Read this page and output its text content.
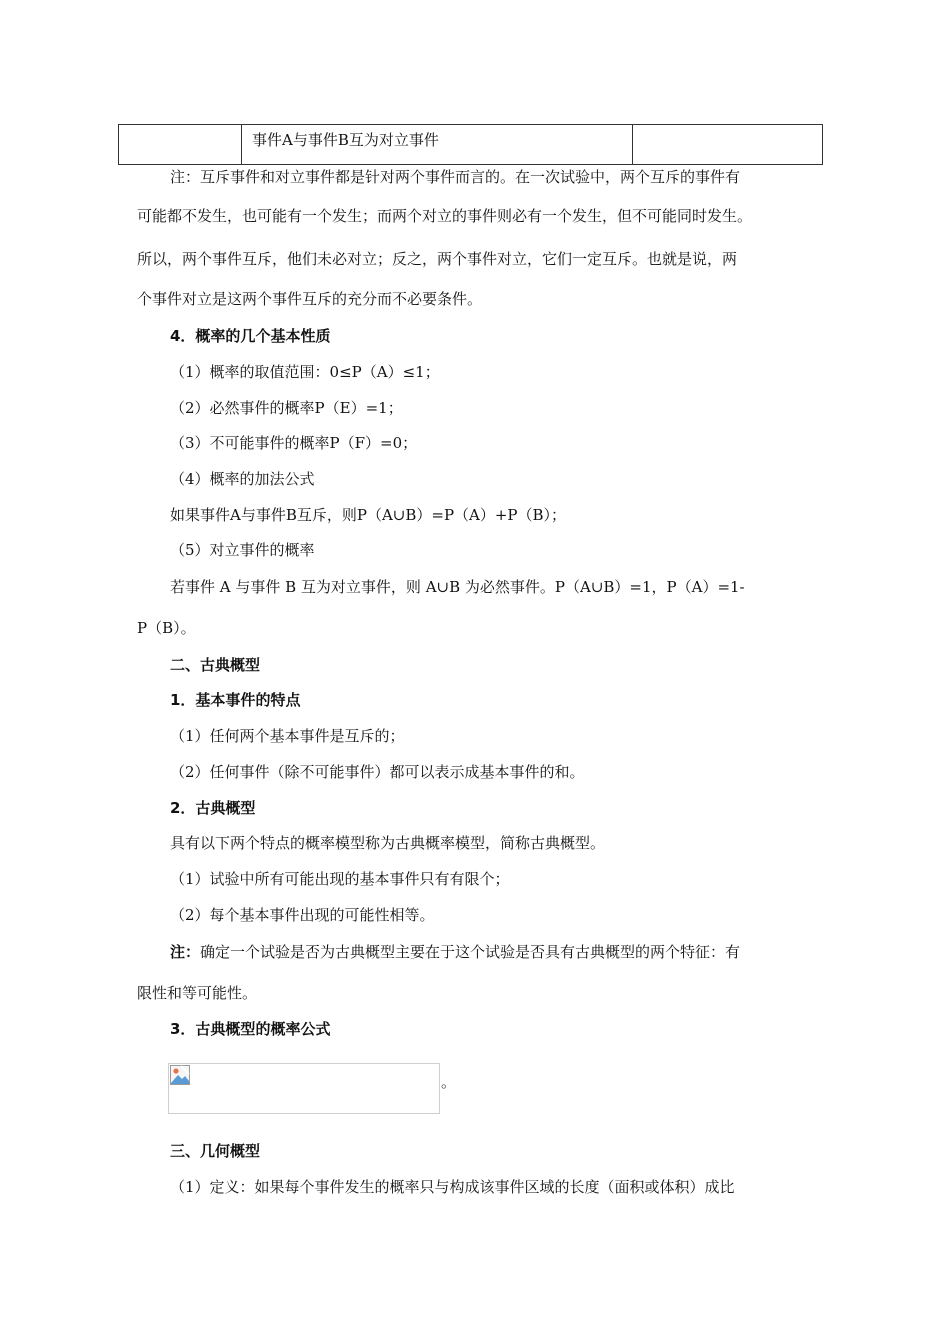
	事件A与事件B互为对立事件	
注：互斥事件和对立事件都是针对两个事件而言的。在一次试验中，两个互斥的事件有
可能都不发生，也可能有一个发生；而两个对立的事件则必有一个发生，但不可能同时发生。
所以，两个事件互斥，他们未必对立；反之，两个事件对立，它们一定互斥。也就是说，两
个事件对立是这两个事件互斥的充分而不必要条件。
4．概率的几个基本性质
（1）概率的取值范围：0≤P（A）≤1；
（2）必然事件的概率P（E）=1；
（3）不可能事件的概率P（F）=0；
（4）概率的加法公式
如果事件A与事件B互斥，则P（A∪B）=P（A）+P（B）；
（5）对立事件的概率
若事件 A 与事件 B 互为对立事件，则 A∪B 为必然事件。P（A∪B）=1，P（A）=1-
P（B）。
二、古典概型
1．基本事件的特点
（1）任何两个基本事件是互斥的；
（2）任何事件（除不可能事件）都可以表示成基本事件的和。
2．古典概型
具有以下两个特点的概率模型称为古典概率模型，简称古典概型。
（1）试验中所有可能出现的基本事件只有有限个；
（2）每个基本事件出现的可能性相等。
注：确定一个试验是否为古典概型主要在于这个试验是否具有古典概型的两个特征：有
限性和等可能性。
3．古典概型的概率公式
。
三、几何概型
（1）定义：如果每个事件发生的概率只与构成该事件区域的长度（面积或体积）成比
